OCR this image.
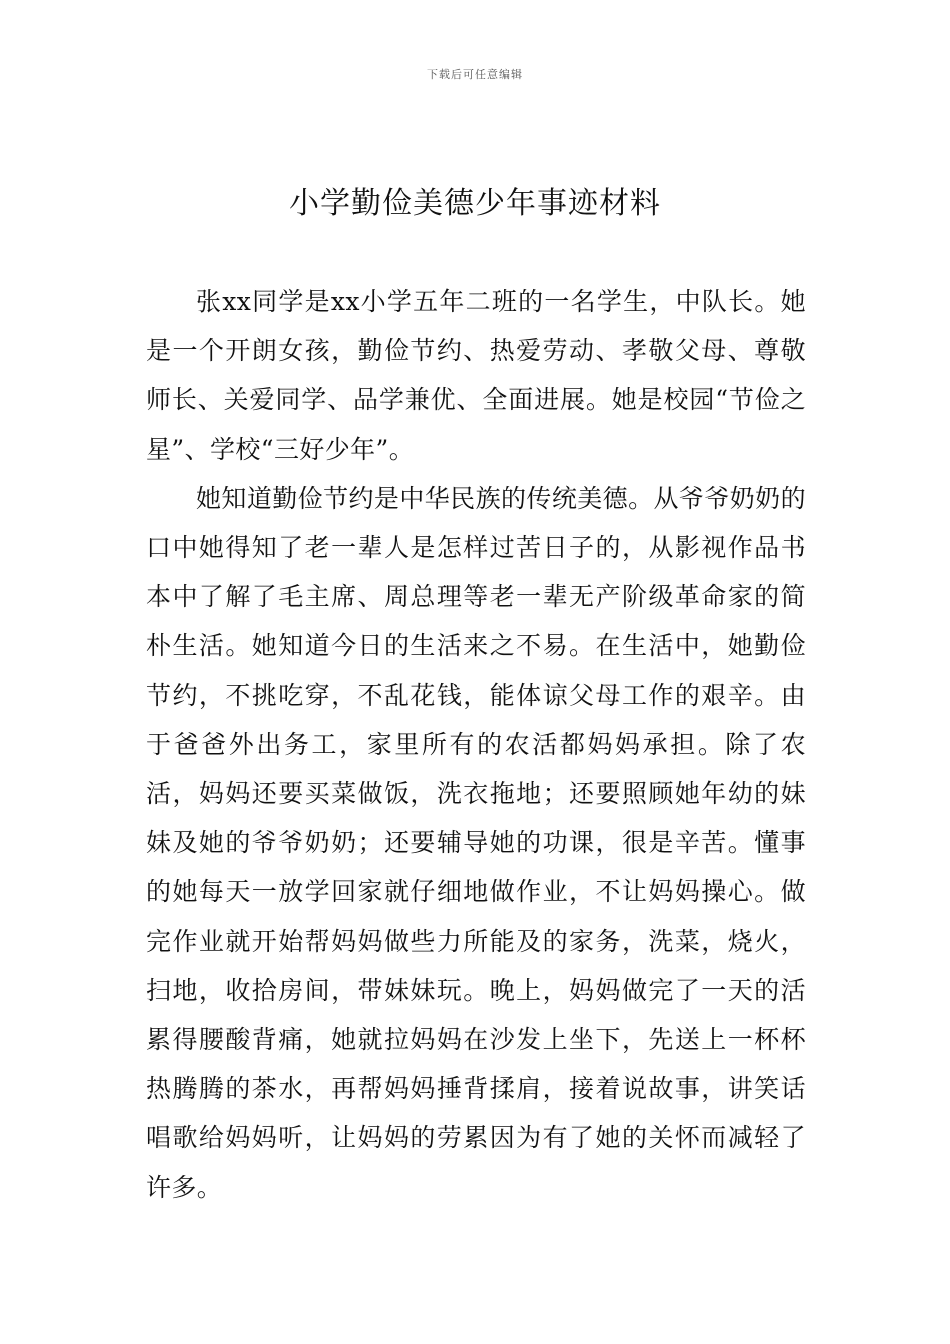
下载后可任意编辑
小学勤俭美德少年事迹材料

张xx同学是xx小学五年二班的一名学生，中队长。她是一个开朗女孩，勤俭节约、热爱劳动、孝敬父母、尊敬师长、关爱同学、品学兼优、全面进展。她是校园“节俭之星”、学校“三好少年”。

她知道勤俭节约是中华民族的传统美德。从爷爷奶奶的口中她得知了老一辈人是怎样过苦日子的，从影视作品书本中了解了毛主席、周总理等老一辈无产阶级革命家的简朴生活。她知道今日的生活来之不易。在生活中，她勤俭节约，不挑吃穿，不乱花钱，能体谅父母工作的艰辛。由于爸爸外出务工，家里所有的农活都妈妈承担。除了农活，妈妈还要买菜做饭，洗衣拖地；还要照顾她年幼的妹妹及她的爷爷奶奶；还要辅导她的功课，很是辛苦。懂事的她每天一放学回家就仔细地做作业，不让妈妈操心。做完作业就开始帮妈妈做些力所能及的家务，洗菜，烧火，扫地，收拾房间，带妹妹玩。晚上，妈妈做完了一天的活累得腰酸背痛，她就拉妈妈在沙发上坐下，先送上一杯杯热腾腾的茶水，再帮妈妈捶背揉肩，接着说故事，讲笑话唱歌给妈妈听，让妈妈的劳累因为有了她的关怀而减轻了许多。
